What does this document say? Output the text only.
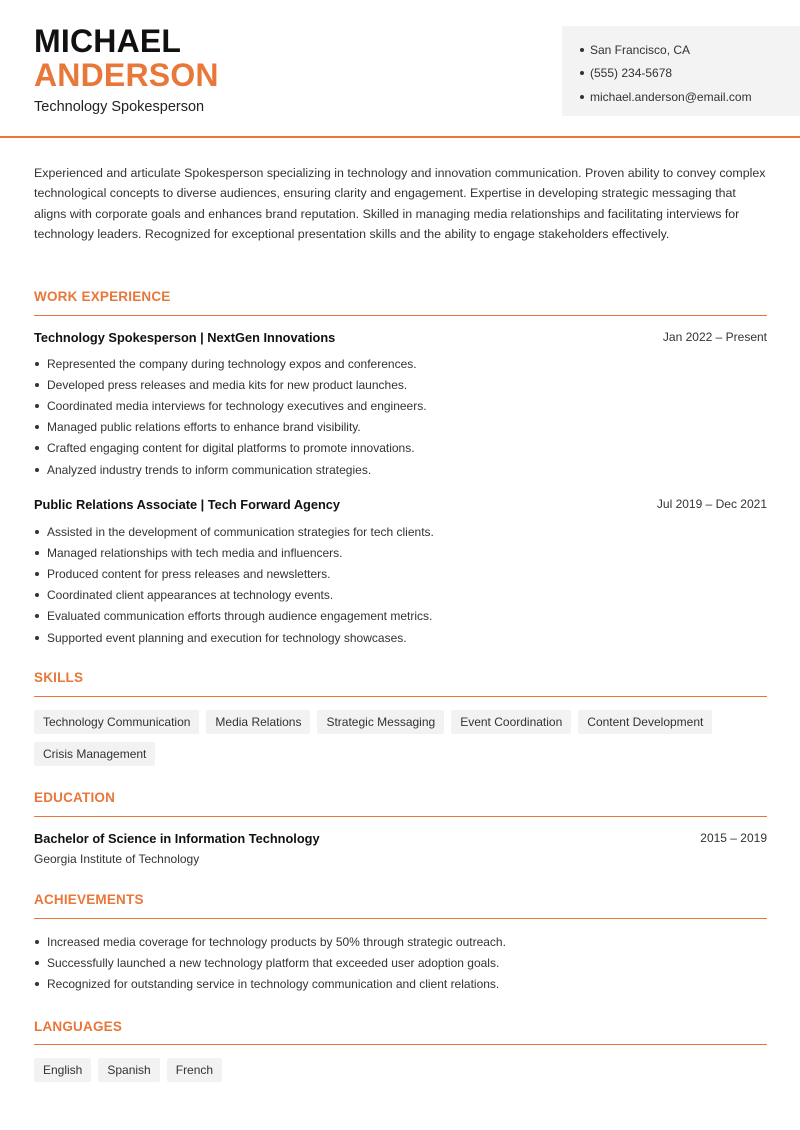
MICHAEL
ANDERSON
Technology Spokesperson
San Francisco, CA
(555) 234-5678
michael.anderson@email.com

Experienced and articulate Spokesperson specializing in technology and innovation communication. Proven ability to convey complex technological concepts to diverse audiences, ensuring clarity and engagement. Expertise in developing strategic messaging that aligns with corporate goals and enhances brand reputation. Skilled in managing media relationships and facilitating interviews for technology leaders. Recognized for exceptional presentation skills and the ability to engage stakeholders effectively.

WORK EXPERIENCE
Technology Spokesperson | NextGen Innovations	Jan 2022 – Present
Represented the company during technology expos and conferences.
Developed press releases and media kits for new product launches.
Coordinated media interviews for technology executives and engineers.
Managed public relations efforts to enhance brand visibility.
Crafted engaging content for digital platforms to promote innovations.
Analyzed industry trends to inform communication strategies.
Public Relations Associate | Tech Forward Agency	Jul 2019 – Dec 2021
Assisted in the development of communication strategies for tech clients.
Managed relationships with tech media and influencers.
Produced content for press releases and newsletters.
Coordinated client appearances at technology events.
Evaluated communication efforts through audience engagement metrics.
Supported event planning and execution for technology showcases.
SKILLS
Technology Communication	Media Relations	Strategic Messaging	Event Coordination	Content Development
Crisis Management
EDUCATION
Bachelor of Science in Information Technology	2015 – 2019
Georgia Institute of Technology
ACHIEVEMENTS
Increased media coverage for technology products by 50% through strategic outreach.
Successfully launched a new technology platform that exceeded user adoption goals.
Recognized for outstanding service in technology communication and client relations.
LANGUAGES
English	Spanish	French
